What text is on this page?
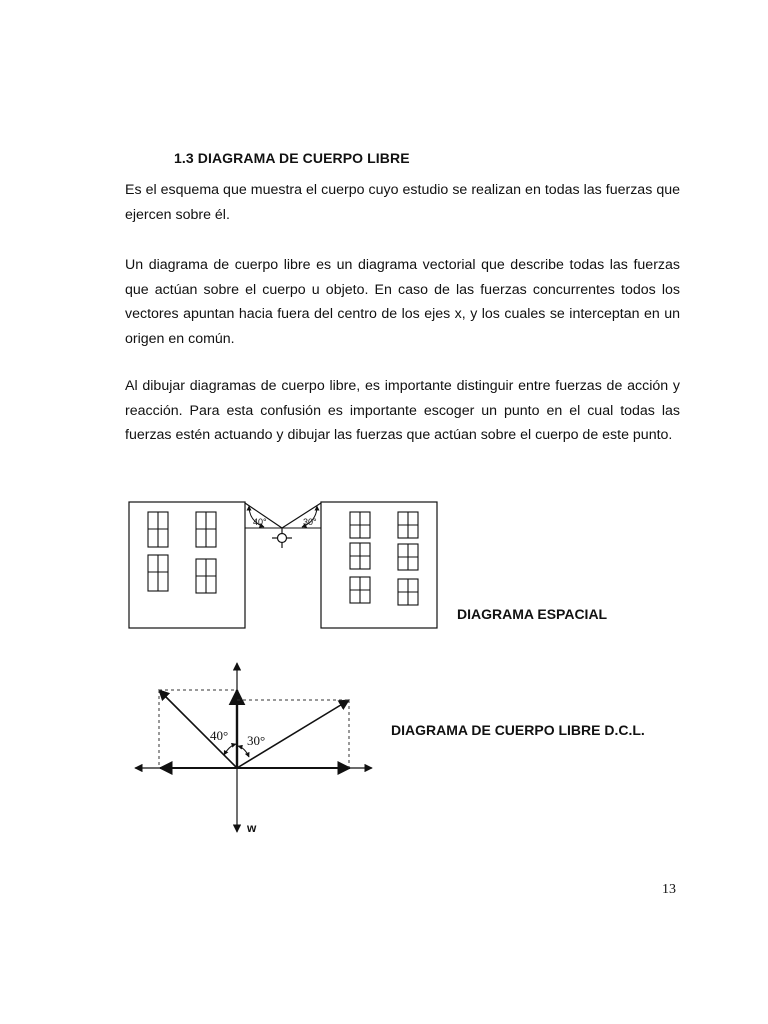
1.3 DIAGRAMA DE CUERPO LIBRE

Es el esquema que muestra el cuerpo cuyo estudio se realizan en todas las fuerzas que ejercen sobre él.

Un diagrama de cuerpo libre es un diagrama vectorial que describe todas las fuerzas que actúan sobre el cuerpo u objeto. En caso de las fuerzas concurrentes todos los vectores apuntan hacia fuera del centro de los ejes x, y los cuales se interceptan en un origen en común.

Al dibujar diagramas de cuerpo libre, es importante distinguir entre fuerzas de acción y reacción. Para esta confusión es importante escoger un punto en el cual todas las fuerzas estén actuando y dibujar las fuerzas que actúan sobre el cuerpo de este punto.

40°	30°
40° 30°
w
DIAGRAMA ESPACIAL
DIAGRAMA DE CUERPO LIBRE D.C.L.
13
